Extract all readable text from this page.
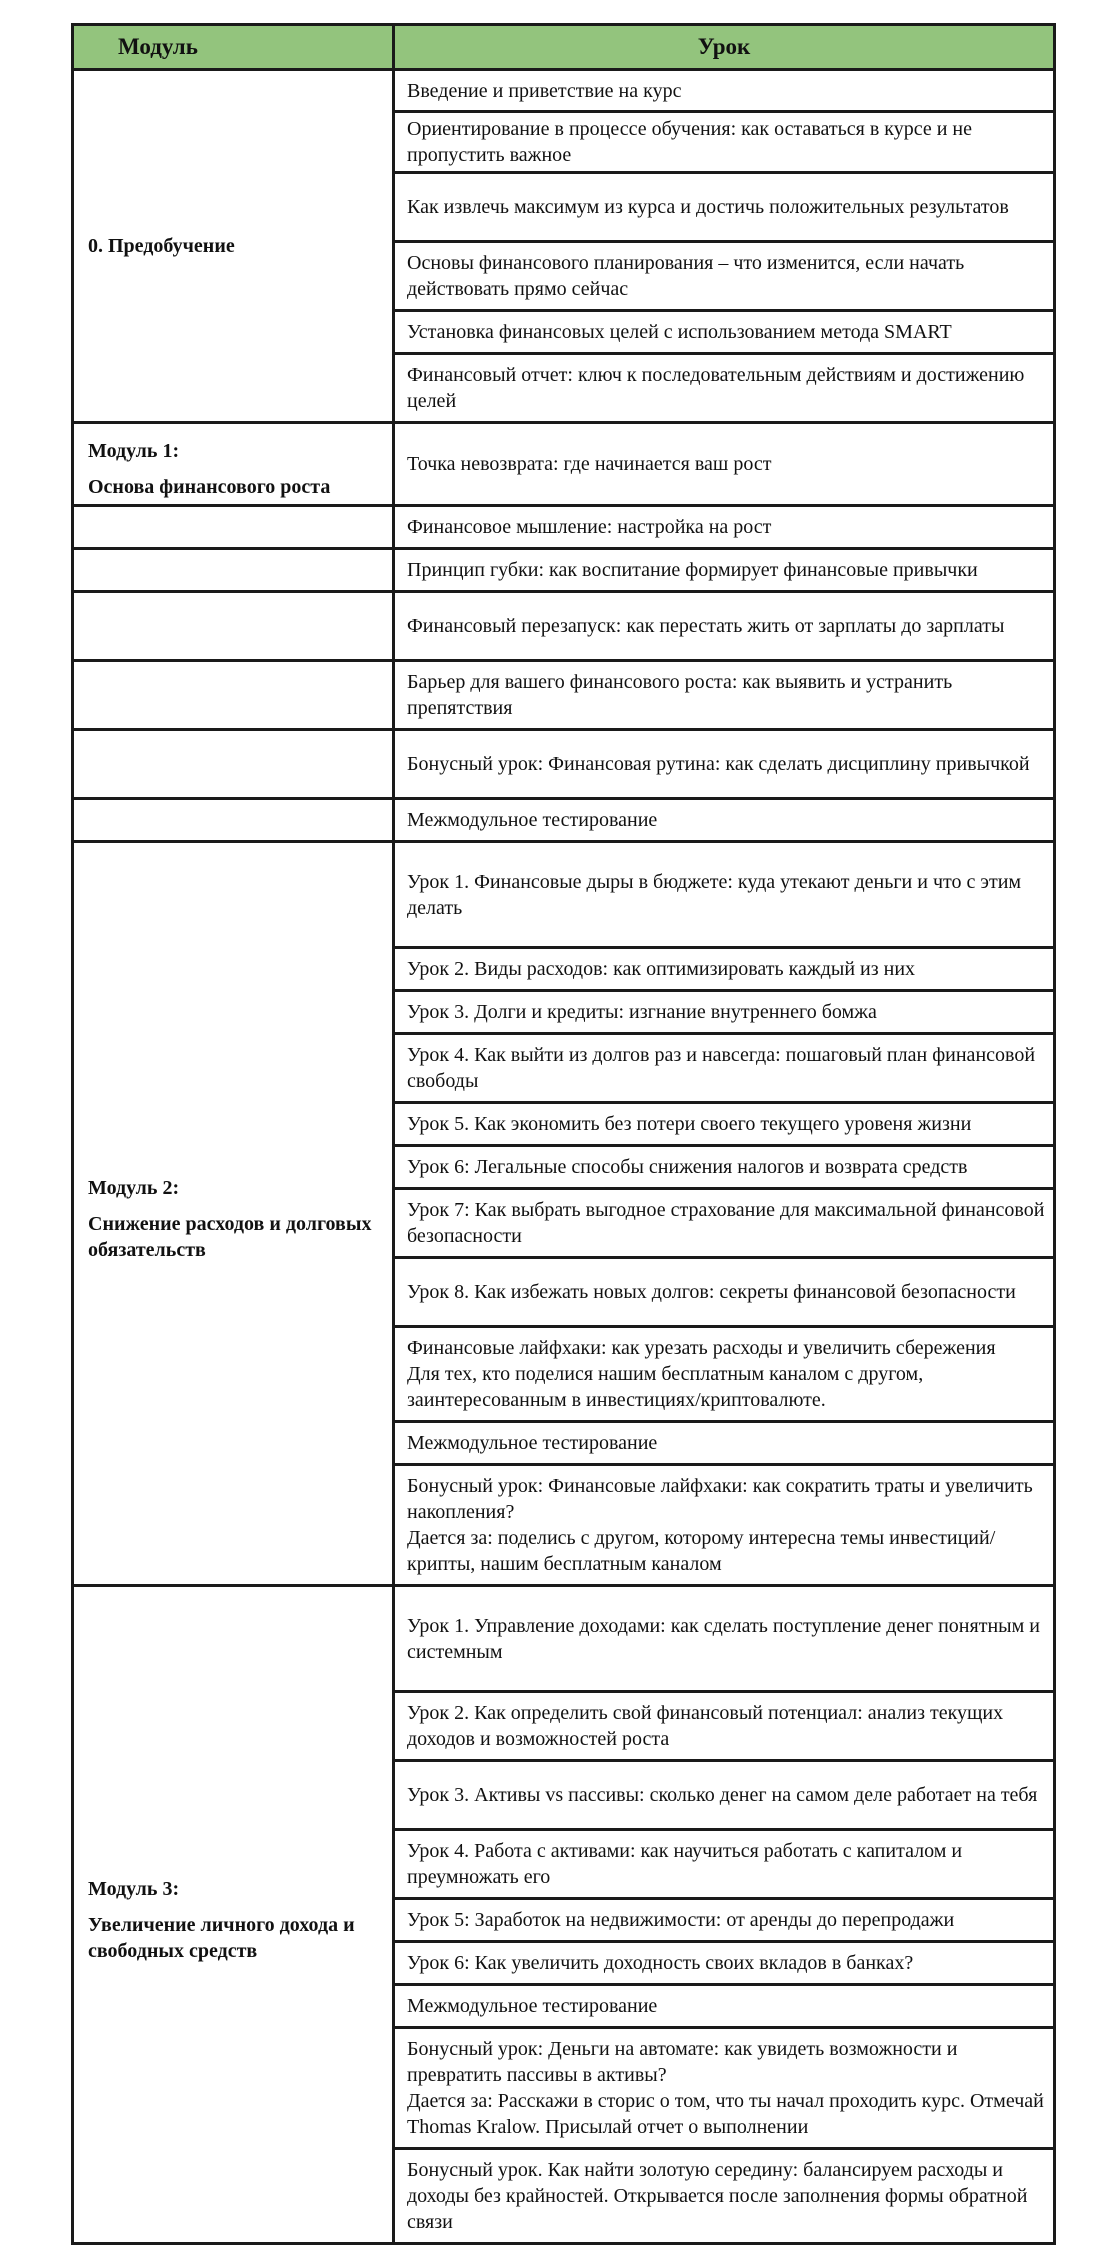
Модуль	Урок

0. Предобучение	Введение и приветствие на курс

	Ориентирование в процессе обучения: как оставаться в курсе и не пропустить важное

	Как извлечь максимум из курса и достичь положительных результатов

	Основы финансового планирования – что изменится, если начать действовать прямо сейчас

	Установка финансовых целей с использованием метода SMART

	Финансовый отчет: ключ к последовательным действиям и достижению целей

Модуль 1:
Основа финансового роста	Точка невозврата: где начинается ваш рост

	Финансовое мышление: настройка на рост

	Принцип губки: как воспитание формирует финансовые привычки

	Финансовый перезапуск: как перестать жить от зарплаты до зарплаты

	Барьер для вашего финансового роста: как выявить и устранить препятствия

	Бонусный урок: Финансовая рутина: как сделать дисциплину привычкой

	Межмодульное тестирование

Модуль 2:
Снижение расходов и долговых обязательств	Урок 1. Финансовые дыры в бюджете: куда утекают деньги и что с этим делать

	Урок 2. Виды расходов: как оптимизировать каждый из них

	Урок 3. Долги и кредиты: изгнание внутреннего бомжа

	Урок 4. Как выйти из долгов раз и навсегда: пошаговый план финансовой свободы

	Урок 5. Как экономить без потери своего текущего уровеня жизни

	Урок 6: Легальные способы снижения налогов и возврата средств

	Урок 7: Как выбрать выгодное страхование для максимальной финансовой безопасности

	Урок 8. Как избежать новых долгов: секреты финансовой безопасности

	Финансовые лайфхаки: как урезать расходы и увеличить сбережения
Для тех, кто поделися нашим бесплатным каналом с другом, заинтересованным в инвестициях/криптовалюте.

	Межмодульное тестирование

	Бонусный урок: Финансовые лайфхаки: как сократить траты и увеличить накопления?
Дается за: поделись с другом, которому интересна темы инвестиций/крипты, нашим бесплатным каналом

Модуль 3:
Увеличение личного дохода и свободных средств	Урок 1. Управление доходами: как сделать поступление денег понятным и системным

	Урок 2. Как определить свой финансовый потенциал: анализ текущих доходов и возможностей роста

	Урок 3. Активы vs пассивы: сколько денег на самом деле работает на тебя

	Урок 4. Работа с активами: как научиться работать с капиталом и преумножать его

	Урок 5: Заработок на недвижимости: от аренды до перепродажи

	Урок 6: Как увеличить доходность своих вкладов в банках?

	Межмодульное тестирование

	Бонусный урок: Деньги на автомате: как увидеть возможности и превратить пассивы в активы?
Дается за: Расскажи в сторис о том, что ты начал проходить курс. Отмечай Thomas Kralow. Присылай отчет о выполнении

	Бонусный урок. Как найти золотую середину: балансируем расходы и доходы без крайностей. Открывается после заполнения формы обратной связи
